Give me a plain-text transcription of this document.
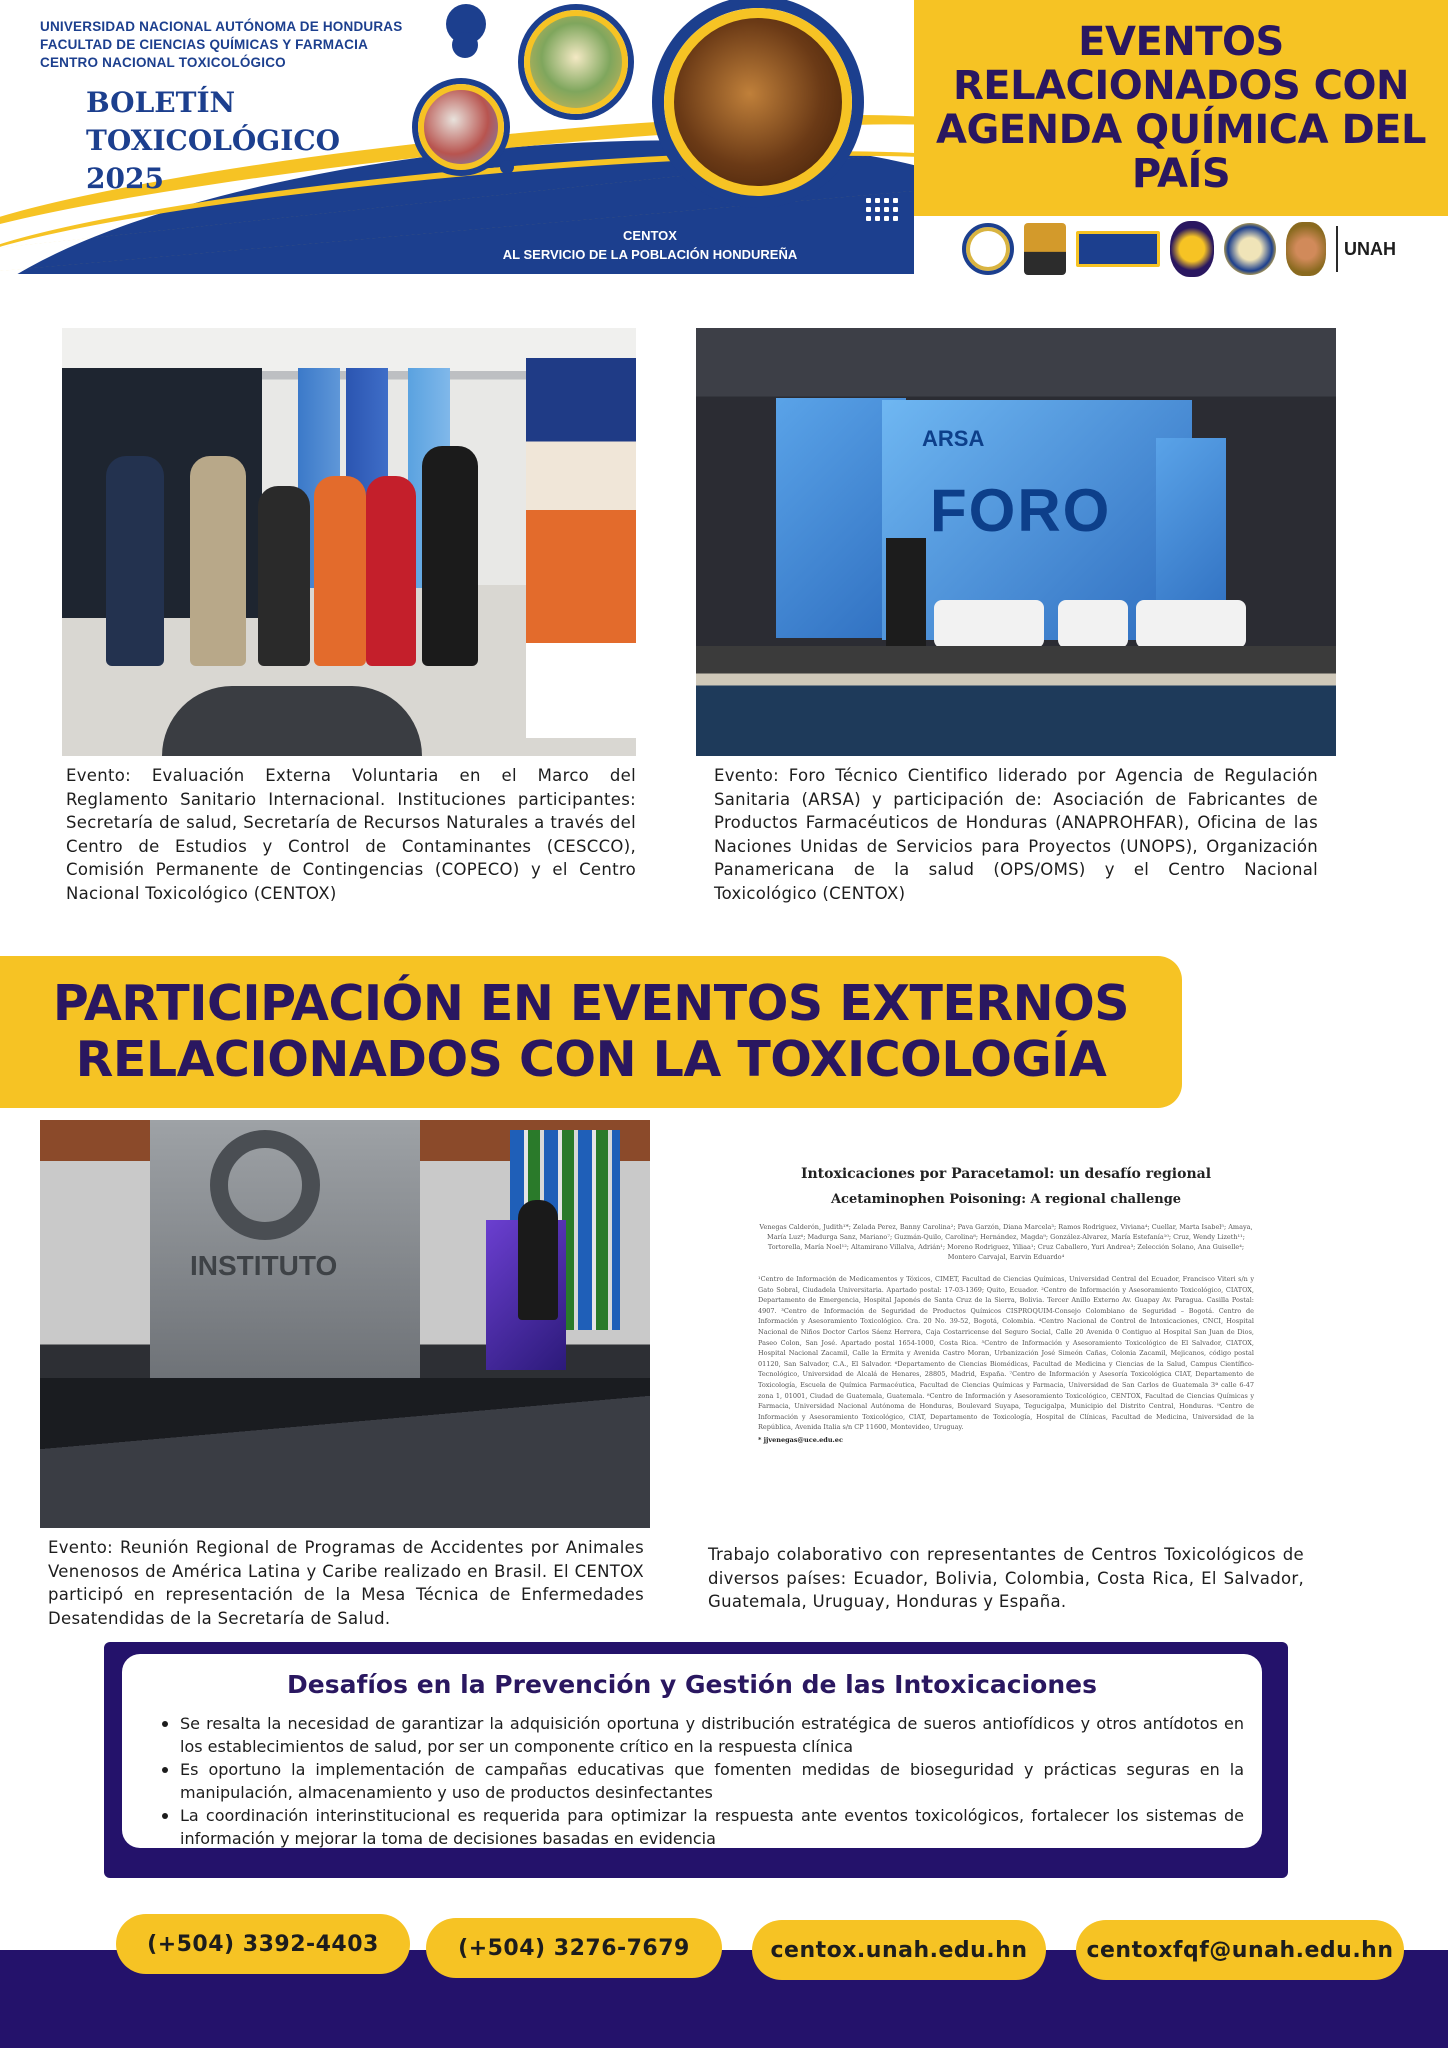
UNIVERSIDAD NACIONAL AUTÓNOMA DE HONDURAS
FACULTAD DE CIENCIAS QUÍMICAS Y FARMACIA
CENTRO NACIONAL TOXICOLÓGICO
BOLETÍN
TOXICOLÓGICO
2025
CENTOX
AL SERVICIO DE LA POBLACIÓN HONDUREÑA
EVENTOS RELACIONADOS CON AGENDA QUÍMICA DEL PAÍS
UNAH
ARSA
FORO

Evento: Evaluación Externa Voluntaria en el Marco del Reglamento Sanitario Internacional. Instituciones participantes: Secretaría de salud, Secretaría de Recursos Naturales a través del Centro de Estudios y Control de Contaminantes (CESCCO), Comisión Permanente de Contingencias (COPECO) y el Centro Nacional Toxicológico (CENTOX)

Evento: Foro Técnico Cientifico liderado por Agencia de Regulación Sanitaria (ARSA) y participación de: Asociación de Fabricantes de Productos Farmacéuticos de Honduras (ANAPROHFAR), Oficina de las Naciones Unidas de Servicios para Proyectos (UNOPS), Organización Panamericana de la salud (OPS/OMS) y el Centro Nacional Toxicológico (CENTOX)

PARTICIPACIÓN EN EVENTOS EXTERNOS
RELACIONADOS CON LA TOXICOLOGÍA
INSTITUTO
Intoxicaciones por Paracetamol: un desafío regional
Acetaminophen Poisoning: A regional challenge
Venegas Calderón, Judith¹*; Zelada Perez, Banny Carolina²; Pava Garzón, Diana Marcela³; Ramos Rodriguez, Viviana⁴; Cuellar, Marta Isabel⁵; Amaya, María Luz⁶; Madurga Sanz, Mariano⁷; Guzmán-Quilo, Carolina⁸; Hernández, Magda⁹; González-Alvarez, María Estefanía¹⁰; Cruz, Wendy Lizeth¹¹; Tortorella, María Noel¹²; Altamirano Villalva, Adrián¹; Moreno Rodriguez, Yiliaa¹; Cruz Caballero, Yuri Andrea³; Zelección Solano, Ana Guiselle⁴; Montero Carvajal, Earvin Eduardo⁴
¹Centro de Información de Medicamentos y Tóxicos, CIMET, Facultad de Ciencias Químicas, Universidad Central del Ecuador, Francisco Viteri s/n y Gato Sobral, Ciudadela Universitaria. Apartado postal: 17-03-1369; Quito, Ecuador. ²Centro de Información y Asesoramiento Toxicológico, CIATOX, Departamento de Emergencia, Hospital Japonés de Santa Cruz de la Sierra, Bolivia. Tercer Anillo Externo Av. Guapay Av. Paragua. Casilla Postal: 4907. ³Centro de Información de Seguridad de Productos Químicos CISPROQUIM-Consejo Colombiano de Seguridad – Bogotá. Centro de Información y Asesoramiento Toxicológico. Cra. 20 No. 39-52, Bogotá, Colombia. ⁴Centro Nacional de Control de Intoxicaciones, CNCI, Hospital Nacional de Niños Doctor Carlos Sáenz Herrera, Caja Costarricense del Seguro Social, Calle 20 Avenida 0 Contiguo al Hospital San Juan de Dios, Paseo Colon, San José. Apartado postal 1654-1000, Costa Rica. ⁵Centro de Información y Asesoramiento Toxicológico de El Salvador, CIATOX, Hospital Nacional Zacamil, Calle la Ermita y Avenida Castro Moran, Urbanización José Simeón Cañas, Colonia Zacamil, Mejicanos, código postal 01120, San Salvador, C.A., El Salvador. ⁶Departamento de Ciencias Biomédicas, Facultad de Medicina y Ciencias de la Salud, Campus Científico-Tecnológico, Universidad de Alcalá de Henares, 28805, Madrid, España. ⁷Centro de Información y Asesoría Toxicológica CIAT, Departamento de Toxicología, Escuela de Química Farmacéutica, Facultad de Ciencias Químicas y Farmacia, Universidad de San Carlos de Guatemala 3ª calle 6-47 zona 1, 01001, Ciudad de Guatemala, Guatemala. ⁸Centro de Información y Asesoramiento Toxicológico, CENTOX, Facultad de Ciencias Químicas y Farmacia, Universidad Nacional Autónoma de Honduras, Boulevard Suyapa, Tegucigalpa, Municipio del Distrito Central, Honduras. ⁹Centro de Información y Asesoramiento Toxicológico, CIAT, Departamento de Toxicología, Hospital de Clínicas, Facultad de Medicina, Universidad de la República, Avenida Italia s/n CP 11600, Montevideo, Uruguay.
* jjvenegas@uce.edu.ec

Evento: Reunión Regional de Programas de Accidentes por Animales Venenosos de América Latina y Caribe realizado en Brasil. El CENTOX participó en representación de la Mesa Técnica de Enfermedades Desatendidas de la Secretaría de Salud.

Trabajo colaborativo con representantes de Centros Toxicológicos de diversos países: Ecuador, Bolivia, Colombia, Costa Rica, El Salvador, Guatemala, Uruguay, Honduras y España.

Desafíos en la Prevención y Gestión de las Intoxicaciones
Se resalta la necesidad de garantizar la adquisición oportuna y distribución estratégica de sueros antiofídicos y otros antídotos en los establecimientos de salud, por ser un componente crítico en la respuesta clínica
Es oportuno la implementación de campañas educativas que fomenten medidas de bioseguridad y prácticas seguras en la manipulación, almacenamiento y uso de productos desinfectantes
La coordinación interinstitucional es requerida para optimizar la respuesta ante eventos toxicológicos, fortalecer los sistemas de información y mejorar la toma de decisiones basadas en evidencia
(+504) 3392-4403	(+504) 3276-7679	centox.unah.edu.hn	centoxfqf@unah.edu.hn
